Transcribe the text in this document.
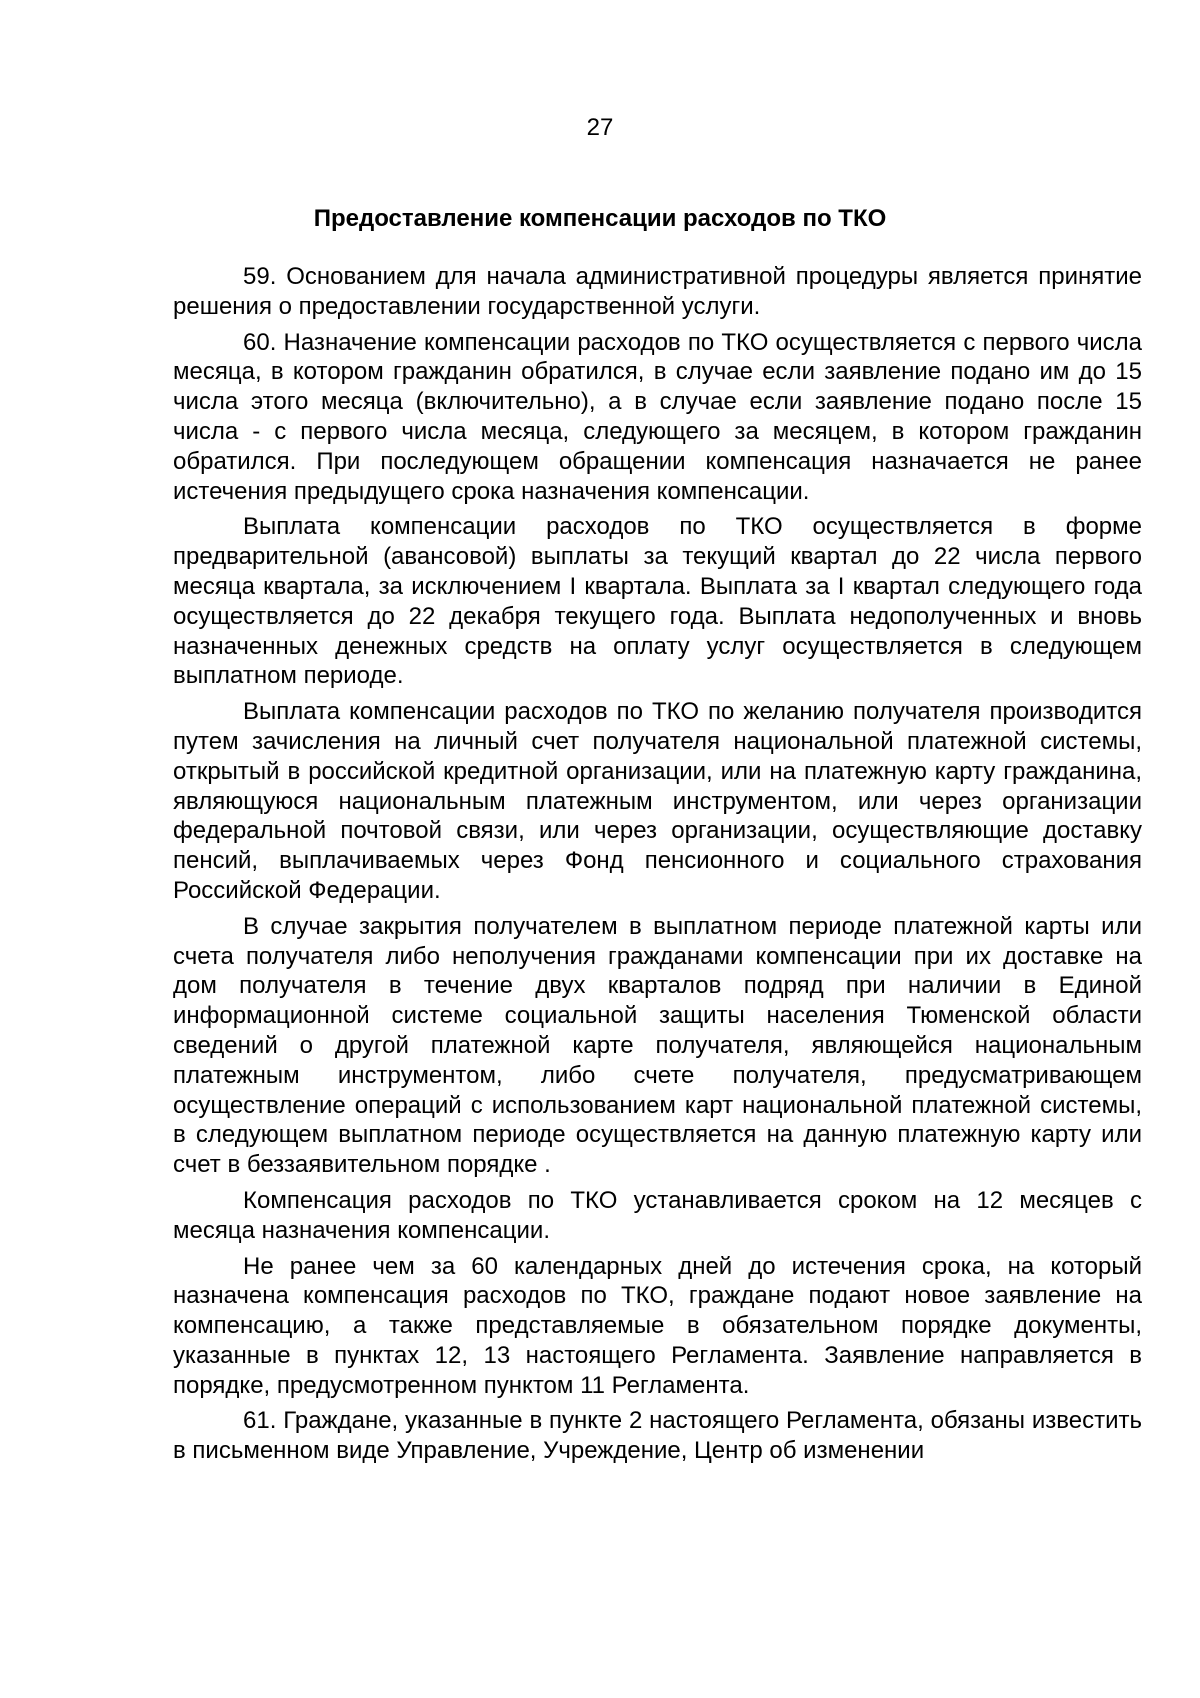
27
Предоставление компенсации расходов по ТКО

59. Основанием для начала административной процедуры является принятие решения о предоставлении государственной услуги.

60. Назначение компенсации расходов по ТКО осуществляется с первого числа месяца, в котором гражданин обратился, в случае если заявление подано им до 15 числа этого месяца (включительно), а в случае если заявление подано после 15 числа - с первого числа месяца, следующего за месяцем, в котором гражданин обратился. При последующем обращении компенсация назначается не ранее истечения предыдущего срока назначения компенсации.

Выплата компенсации расходов по ТКО осуществляется в форме предварительной (авансовой) выплаты за текущий квартал до 22 числа первого месяца квартала, за исключением I квартала. Выплата за I квартал следующего года осуществляется до 22 декабря текущего года. Выплата недополученных и вновь назначенных денежных средств на оплату услуг осуществляется в следующем выплатном периоде.

Выплата компенсации расходов по ТКО по желанию получателя производится путем зачисления на личный счет получателя национальной платежной системы, открытый в российской кредитной организации, или на платежную карту гражданина, являющуюся национальным платежным инструментом, или через организации федеральной почтовой связи, или через организации, осуществляющие доставку пенсий, выплачиваемых через Фонд пенсионного и социального страхования Российской Федерации.

В случае закрытия получателем в выплатном периоде платежной карты или счета получателя либо неполучения гражданами компенсации при их доставке на дом получателя в течение двух кварталов подряд при наличии в Единой информационной системе социальной защиты населения Тюменской области сведений о другой платежной карте получателя, являющейся национальным платежным инструментом, либо счете получателя, предусматривающем осуществление операций с использованием карт национальной платежной системы, в следующем выплатном периоде осуществляется на данную платежную карту или счет в беззаявительном порядке .

Компенсация расходов по ТКО устанавливается сроком на 12 месяцев с месяца назначения компенсации.

Не ранее чем за 60 календарных дней до истечения срока, на который назначена компенсация расходов по ТКО, граждане подают новое заявление на компенсацию, а также представляемые в обязательном порядке документы, указанные в пунктах 12, 13 настоящего Регламента. Заявление направляется в порядке, предусмотренном пунктом 11 Регламента.

61. Граждане, указанные в пункте 2 настоящего Регламента, обязаны известить в письменном виде Управление, Учреждение, Центр об изменении
